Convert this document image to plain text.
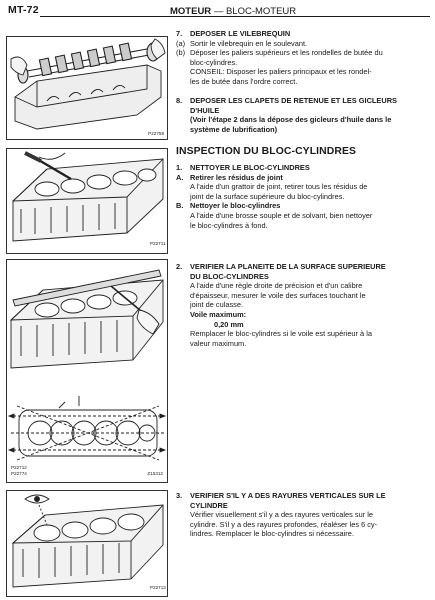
MT-72	MOTEUR — BLOC-MOTEUR
P22758
P22711
P22712
P22774	Z15312
P22713
7.	DEPOSER LE VILEBREQUIN
(a) Sortir le vilebrequin en le soulevant.
(b) Déposer les paliers supérieurs et les rondelles de butée du

bloc-cylindres.

CONSEIL: Disposer les paliers principaux et les rondel-

les de butée dans l'ordre correct.

8.	DEPOSER LES CLAPETS DE RETENUE ET LES GICLEURS

D'HUILE

(Voir l'étape 2 dans la dépose des gicleurs d'huile dans le

système de lubrification)

INSPECTION DU BLOC-CYLINDRES
1.	NETTOYER LE BLOC-CYLINDRES
A. Retirer les résidus de joint

A l'aide d'un grattoir de joint, retirer tous les résidus de

joint de la surface supérieure du bloc-cylindres.

B. Nettoyer le bloc-cylindres

A l'aide d'une brosse souple et de solvant, bien nettoyer

le bloc-cylindres à fond.

2.	VERIFIER LA PLANEITE DE LA SURFACE SUPERIEURE

DU BLOC-CYLINDRES

A l'aide d'une règle droite de précision et d'un calibre

d'épaisseur, mesurer le voile des surfaces touchant le

joint de culasse.

Voile maximum:

0,20 mm

Remplacer le bloc-cylindres si le voile est supérieur à la

valeur maximum.

3.	VERIFIER S'IL Y A DES RAYURES VERTICALES SUR LE

CYLINDRE

Vérifier visuellement s'il y a des rayures verticales sur le

cylindre. S'il y a des rayures profondes, réaléser les 6 cy-

lindres. Remplacer le bloc-cylindres si nécessaire.
